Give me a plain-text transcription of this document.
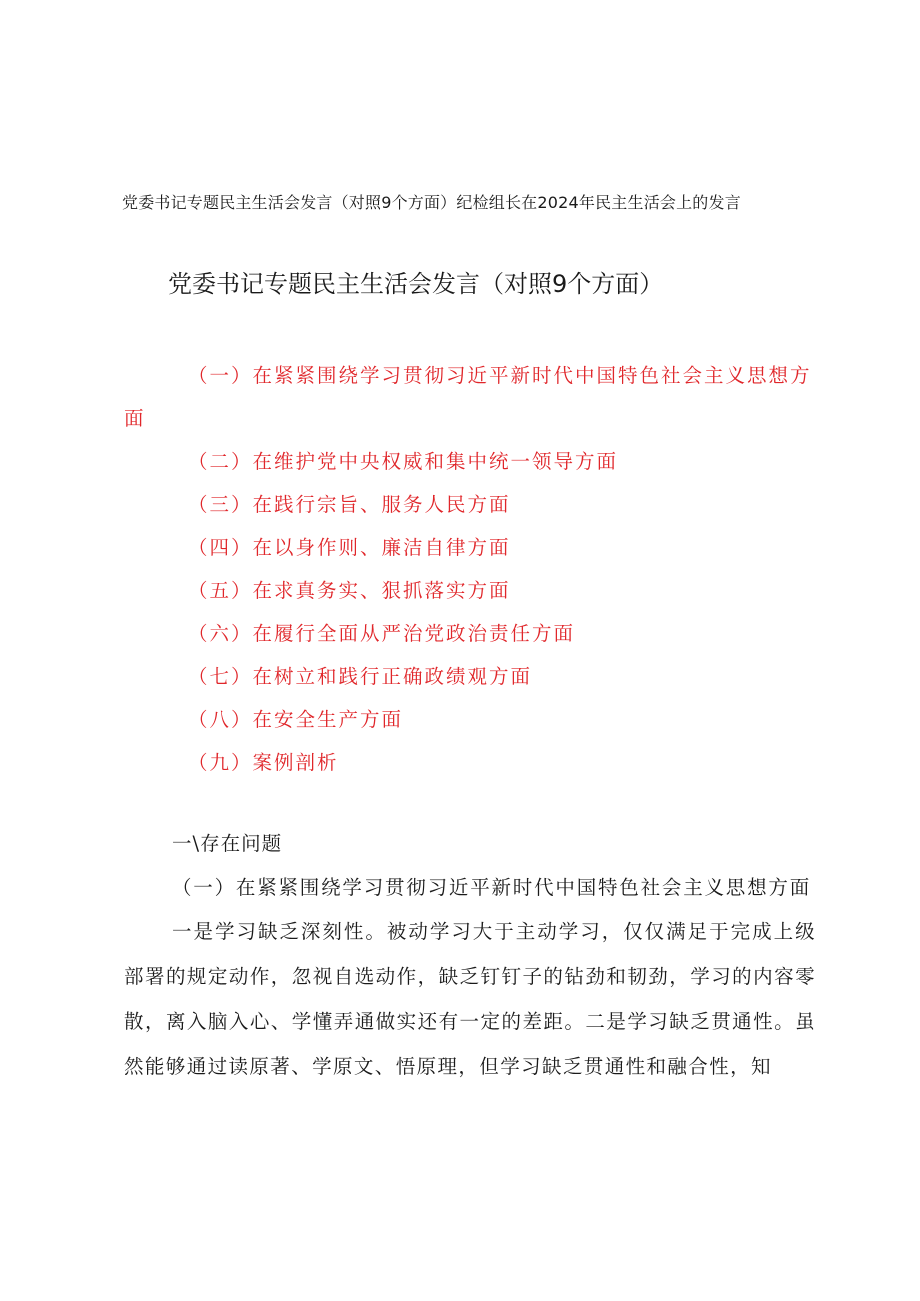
党委书记专题民主生活会发言（对照9个方面）纪检组长在2024年民主生活会上的发言
党委书记专题民主生活会发言（对照9个方面）
（一）在紧紧围绕学习贯彻习近平新时代中国特色社会主义思想方面
（二）在维护党中央权威和集中统一领导方面
（三）在践行宗旨、服务人民方面
（四）在以身作则、廉洁自律方面
（五）在求真务实、狠抓落实方面
（六）在履行全面从严治党政治责任方面
（七）在树立和践行正确政绩观方面
（八）在安全生产方面
（九）案例剖析

一\存在问题

（一）在紧紧围绕学习贯彻习近平新时代中国特色社会主义思想方面

一是学习缺乏深刻性。被动学习大于主动学习，仅仅满足于完成上级部署的规定动作，忽视自选动作，缺乏钉钉子的钻劲和韧劲，学习的内容零散，离入脑入心、学懂弄通做实还有一定的差距。二是学习缺乏贯通性。虽然能够通过读原著、学原文、悟原理，但学习缺乏贯通性和融合性，知
